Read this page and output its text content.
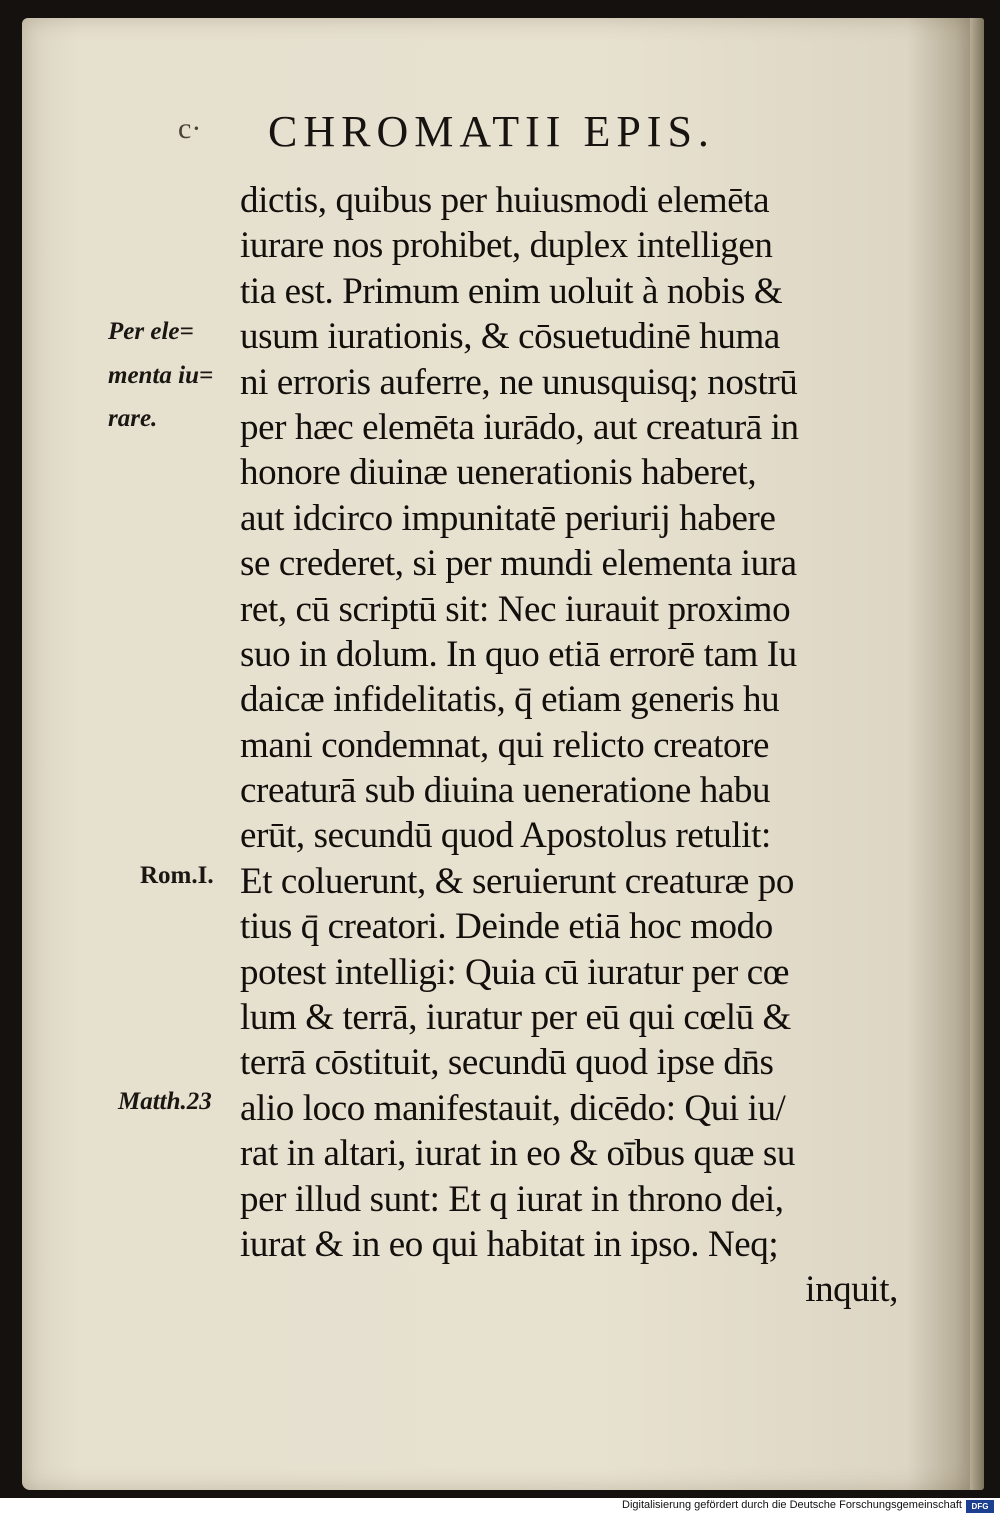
c· CHROMATII EPIS.
Per ele=
menta iu=
rare.
Rom.I.
Matth.23
dictis, quibus per huiusmodi elemēta
iurare nos prohibet, duplex intelligen
tia est. Primum enim uoluit à nobis &
usum iurationis, & cōsuetudinē huma
ni erroris auferre, ne unusquisq; nostrū
per hæc elemēta iurādo, aut creaturā in
honore diuinæ uenerationis haberet,
aut idcirco impunitatē periurij habere
se crederet, si per mundi elementa iura
ret, cū scriptū sit: Nec iurauit proximo
suo in dolum. In quo etiā errorē tam Iu
daicæ infidelitatis, q̄ etiam generis hu
mani condemnat, qui relicto creatore
creaturā sub diuina ueneratione habu
erūt, secundū quod Apostolus retulit:
Et coluerunt, & seruierunt creaturæ po
tius q̄ creatori. Deinde etiā hoc modo
potest intelligi: Quia cū iuratur per cœ
lum & terrā, iuratur per eū qui cœlū &
terrā cōstituit, secundū quod ipse dn̄s
alio loco manifestauit, dicēdo: Qui iu/
rat in altari, iurat in eo & oībus quæ su
per illud sunt: Et q iurat in throno dei,
iurat & in eo qui habitat in ipso. Neq;
inquit,
Digitalisierung gefördert durch die Deutsche Forschungsgemeinschaft	DFG
